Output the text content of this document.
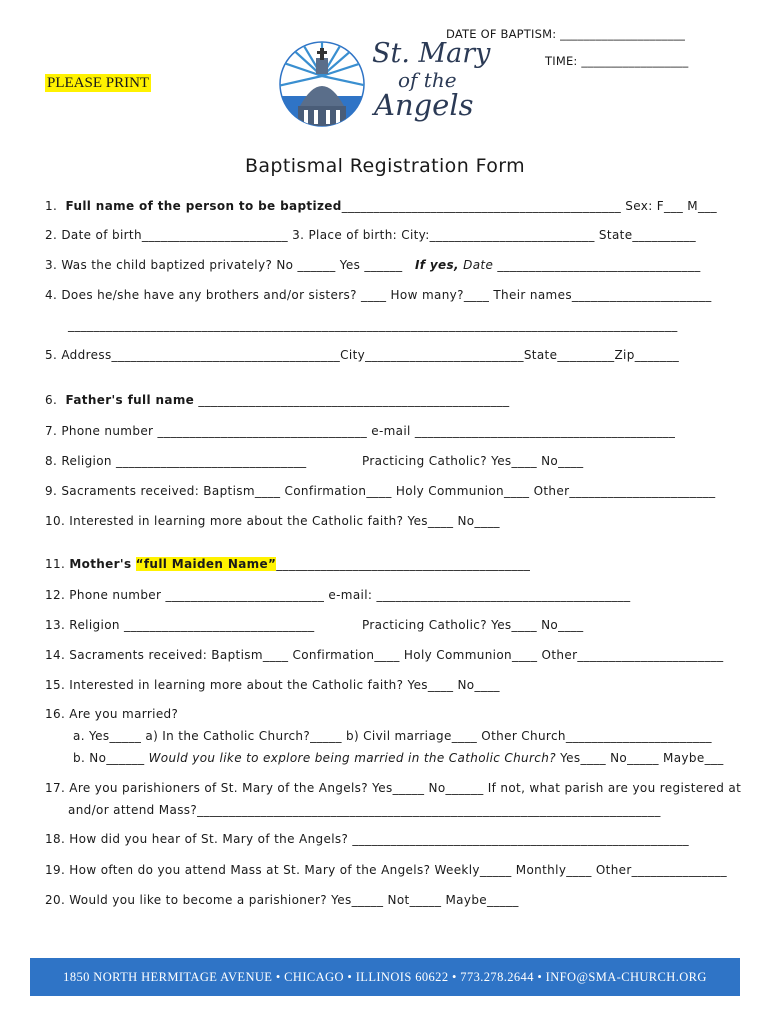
DATE OF BAPTISM: _____________________
TIME: __________________
PLEASE PRINT
St. Mary
of the
Angels
Baptismal Registration Form
1. Full name of the person to be baptized____________________________________________ Sex: F___ M___
2. Date of birth_______________________ 3. Place of birth: City:__________________________ State__________
3. Was the child baptized privately? No ______ Yes ______ If yes, Date ________________________________
4. Does he/she have any brothers and/or sisters? ____ How many?____ Their names______________________
________________________________________________________________________________________________
5. Address____________________________________City_________________________State_________Zip_______
6. Father's full name _________________________________________________
7. Phone number _________________________________ e-mail _________________________________________
8. Religion ______________________________	Practicing Catholic? Yes____ No____
9. Sacraments received: Baptism____ Confirmation____ Holy Communion____ Other_______________________
10. Interested in learning more about the Catholic faith? Yes____ No____
11. Mother's “full Maiden Name”________________________________________
12. Phone number _________________________ e-mail: ________________________________________
13. Religion ______________________________	Practicing Catholic? Yes____ No____
14. Sacraments received: Baptism____ Confirmation____ Holy Communion____ Other_______________________
15. Interested in learning more about the Catholic faith? Yes____ No____
16. Are you married?
a. Yes_____ a) In the Catholic Church?_____ b) Civil marriage____ Other Church_______________________
b. No______ Would you like to explore being married in the Catholic Church? Yes____ No_____ Maybe___
17. Are you parishioners of St. Mary of the Angels? Yes_____ No______ If not, what parish are you registered at
and/or attend Mass?_________________________________________________________________________
18. How did you hear of St. Mary of the Angels? _____________________________________________________
19. How often do you attend Mass at St. Mary of the Angels? Weekly_____ Monthly____ Other_______________
20. Would you like to become a parishioner? Yes_____ Not_____ Maybe_____
1850 NORTH HERMITAGE AVENUE • CHICAGO • ILLINOIS 60622 • 773.278.2644 • INFO@SMA-CHURCH.ORG
